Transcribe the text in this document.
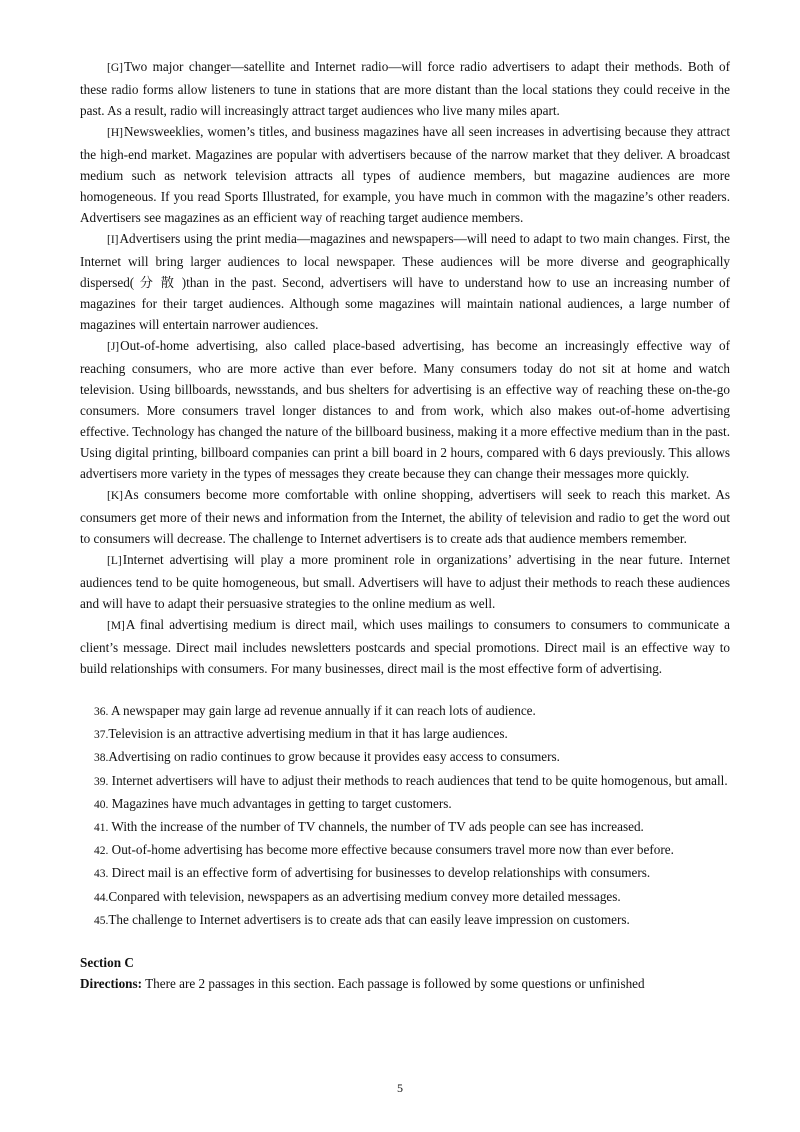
[G]Two major changer—satellite and Internet radio—will force radio advertisers to adapt their methods. Both of these radio forms allow listeners to tune in stations that are more distant than the local stations they could receive in the past. As a result, radio will increasingly attract target audiences who live many miles apart.

[H]Newsweeklies, women’s titles, and business magazines have all seen increases in advertising because they attract the high-end market. Magazines are popular with advertisers because of the narrow market that they deliver. A broadcast medium such as network television attracts all types of audience members, but magazine audiences are more homogeneous. If you read Sports Illustrated, for example, you have much in common with the magazine’s other readers. Advertisers see magazines as an efficient way of reaching target audience members.

[I]Advertisers using the print media—magazines and newspapers—will need to adapt to two main changes. First, the Internet will bring larger audiences to local newspaper. These audiences will be more diverse and geographically dispersed( 分 散 )than in the past. Second, advertisers will have to understand how to use an increasing number of magazines for their target audiences. Although some magazines will maintain national audiences, a large number of magazines will entertain narrower audiences.

[J]Out-of-home advertising, also called place-based advertising, has become an increasingly effective way of reaching consumers, who are more active than ever before. Many consumers today do not sit at home and watch television. Using billboards, newsstands, and bus shelters for advertising is an effective way of reaching these on-the-go consumers. More consumers travel longer distances to and from work, which also makes out-of-home advertising effective. Technology has changed the nature of the billboard business, making it a more effective medium than in the past. Using digital printing, billboard companies can print a bill board in 2 hours, compared with 6 days previously. This allows advertisers more variety in the types of messages they create because they can change their messages more quickly.

[K]As consumers become more comfortable with online shopping, advertisers will seek to reach this market. As consumers get more of their news and information from the Internet, the ability of television and radio to get the word out to consumers will decrease. The challenge to Internet advertisers is to create ads that audience members remember.

[L]Internet advertising will play a more prominent role in organizations’ advertising in the near future. Internet audiences tend to be quite homogeneous, but small. Advertisers will have to adjust their methods to reach these audiences and will have to adapt their persuasive strategies to the online medium as well.

[M]A final advertising medium is direct mail, which uses mailings to consumers to consumers to communicate a client’s message. Direct mail includes newsletters postcards and special promotions. Direct mail is an effective way to build relationships with consumers. For many businesses, direct mail is the most effective form of advertising.

36. A newspaper may gain large ad revenue annually if it can reach lots of audience.

37.Television is an attractive advertising medium in that it has large audiences.

38.Advertising on radio continues to grow because it provides easy access to consumers.

39. Internet advertisers will have to adjust their methods to reach audiences that tend to be quite homogenous, but amall.

40. Magazines have much advantages in getting to target customers.

41. With the increase of the number of TV channels, the number of TV ads people can see has increased.

42. Out-of-home advertising has become more effective because consumers travel more now than ever before.

43. Direct mail is an effective form of advertising for businesses to develop relationships with consumers.

44.Conpared with television, newspapers as an advertising medium convey more detailed messages.

45.The challenge to Internet advertisers is to create ads that can easily leave impression on customers.

Section C

Directions: There are 2 passages in this section. Each passage is followed by some questions or unfinished

5
